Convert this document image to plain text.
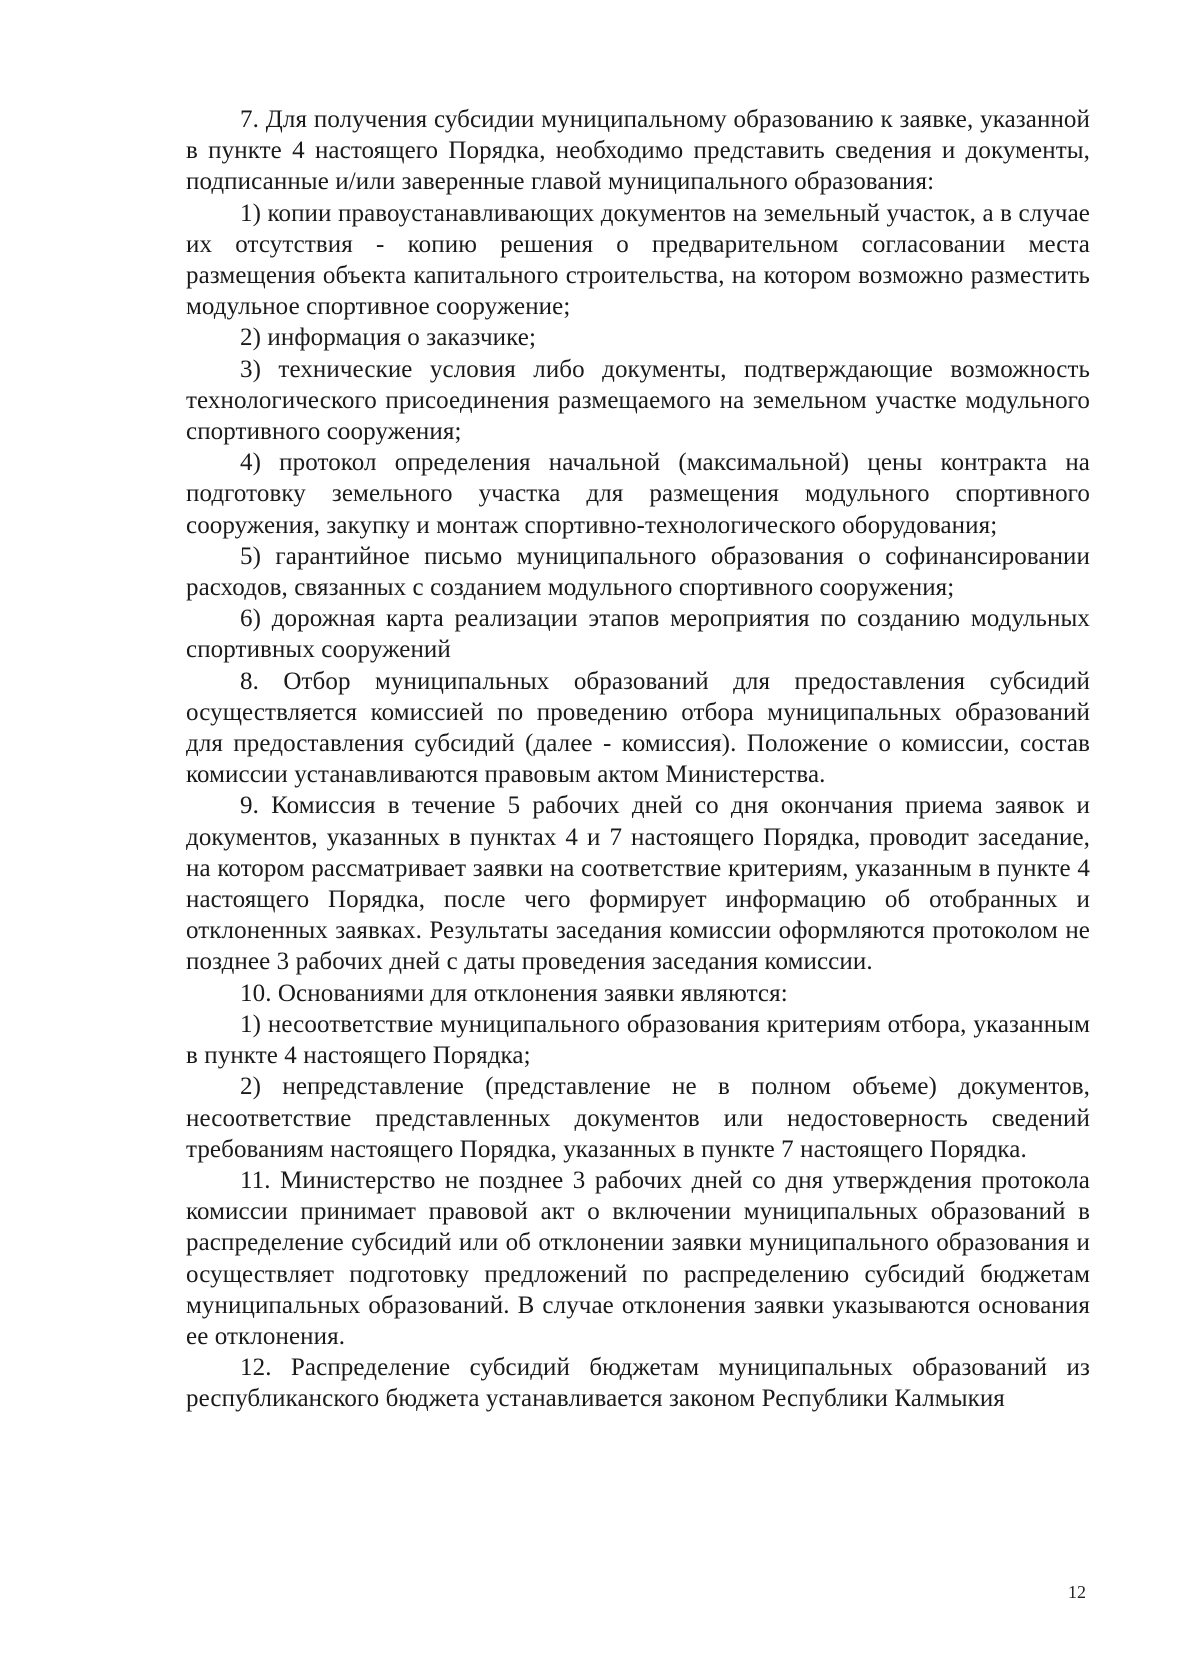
7. Для получения субсидии муниципальному образованию к заявке, указанной в пункте 4 настоящего Порядка, необходимо представить сведения и документы, подписанные и/или заверенные главой муниципального образования:

1) копии правоустанавливающих документов на земельный участок, а в случае их отсутствия - копию решения о предварительном согласовании места размещения объекта капитального строительства, на котором возможно разместить модульное спортивное сооружение;

2) информация о заказчике;

3) технические условия либо документы, подтверждающие возможность технологического присоединения размещаемого на земельном участке модульного спортивного сооружения;

4) протокол определения начальной (максимальной) цены контракта на подготовку земельного участка для размещения модульного спортивного сооружения, закупку и монтаж спортивно-технологического оборудования;

5) гарантийное письмо муниципального образования о софинансировании расходов, связанных с созданием модульного спортивного сооружения;

6) дорожная карта реализации этапов мероприятия по созданию модульных спортивных сооружений

8. Отбор муниципальных образований для предоставления субсидий осуществляется комиссией по проведению отбора муниципальных образований для предоставления субсидий (далее - комиссия). Положение о комиссии, состав комиссии устанавливаются правовым актом Министерства.

9. Комиссия в течение 5 рабочих дней со дня окончания приема заявок и документов, указанных в пунктах 4 и 7 настоящего Порядка, проводит заседание, на котором рассматривает заявки на соответствие критериям, указанным в пункте 4 настоящего Порядка, после чего формирует информацию об отобранных и отклоненных заявках. Результаты заседания комиссии оформляются протоколом не позднее 3 рабочих дней с даты проведения заседания комиссии.

10. Основаниями для отклонения заявки являются:

1) несоответствие муниципального образования критериям отбора, указанным в пункте 4 настоящего Порядка;

2) непредставление (представление не в полном объеме) документов, несоответствие представленных документов или недостоверность сведений требованиям настоящего Порядка, указанных в пункте 7 настоящего Порядка.

11. Министерство не позднее 3 рабочих дней со дня утверждения протокола комиссии принимает правовой акт о включении муниципальных образований в распределение субсидий или об отклонении заявки муниципального образования и осуществляет подготовку предложений по распределению субсидий бюджетам муниципальных образований. В случае отклонения заявки указываются основания ее отклонения.

12. Распределение субсидий бюджетам муниципальных образований из республиканского бюджета устанавливается законом Республики Калмыкия

12
